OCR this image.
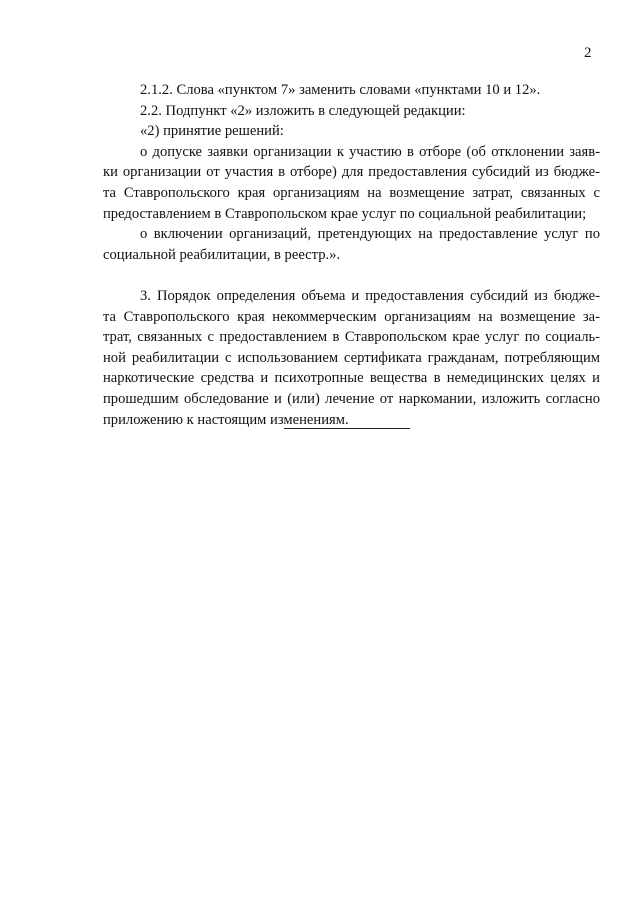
2
2.1.2. Слова «пунктом 7» заменить словами «пунктами 10 и 12».
2.2. Подпункт «2» изложить в следующей редакции:
«2) принятие решений:
о допуске заявки организации к участию в отборе (об отклонении заяв-
ки организации от участия в отборе) для предоставления субсидий из бюдже-
та Ставропольского края организациям на возмещение затрат, связанных с
предоставлением в Ставропольском крае услуг по социальной реабилитации;
о включении организаций, претендующих на предоставление услуг по
социальной реабилитации, в реестр.».
3. Порядок определения объема и предоставления субсидий из бюдже-
та Ставропольского края некоммерческим организациям на возмещение за-
трат, связанных с предоставлением в Ставропольском крае услуг по социаль-
ной реабилитации с использованием сертификата гражданам, потребляющим
наркотические средства и психотропные вещества в немедицинских целях и
прошедшим обследование и (или) лечение от наркомании, изложить согласно
приложению к настоящим изменениям.
